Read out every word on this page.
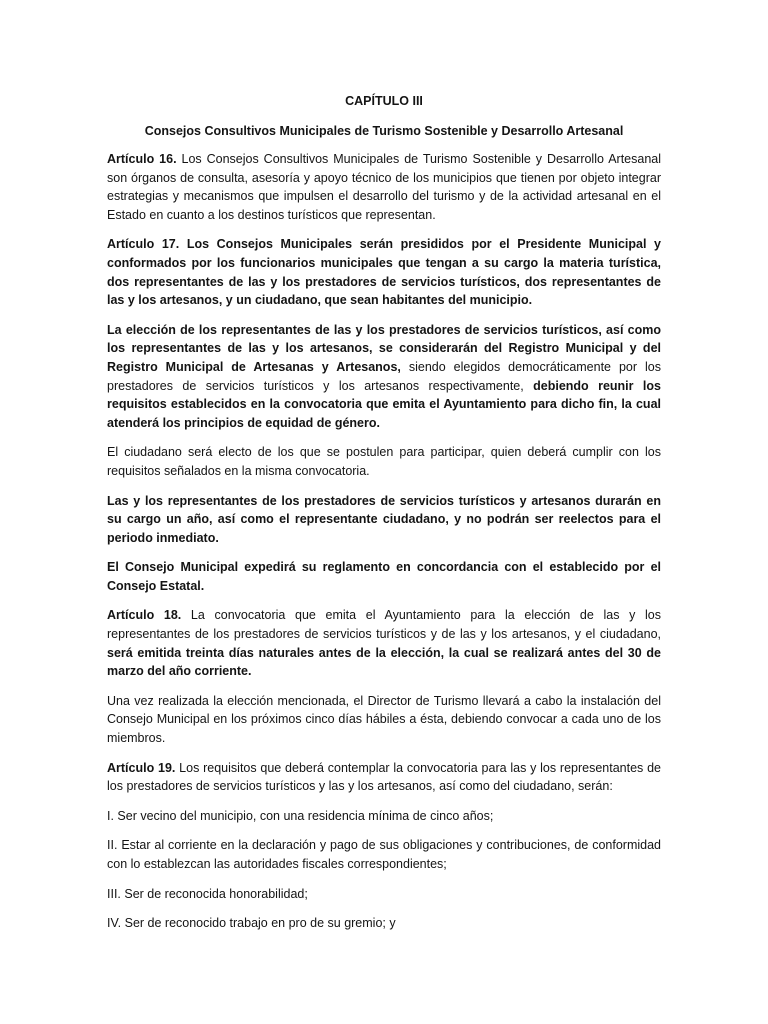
CAPÍTULO III
Consejos Consultivos Municipales de Turismo Sostenible y Desarrollo Artesanal

Artículo 16. Los Consejos Consultivos Municipales de Turismo Sostenible y Desarrollo Artesanal son órganos de consulta, asesoría y apoyo técnico de los municipios que tienen por objeto integrar estrategias y mecanismos que impulsen el desarrollo del turismo y de la actividad artesanal en el Estado en cuanto a los destinos turísticos que representan.

Artículo 17. Los Consejos Municipales serán presididos por el Presidente Municipal y conformados por los funcionarios municipales que tengan a su cargo la materia turística, dos representantes de las y los prestadores de servicios turísticos, dos representantes de las y los artesanos, y un ciudadano, que sean habitantes del municipio.

La elección de los representantes de las y los prestadores de servicios turísticos, así como los representantes de las y los artesanos, se considerarán del Registro Municipal y del Registro Municipal de Artesanas y Artesanos, siendo elegidos democráticamente por los prestadores de servicios turísticos y los artesanos respectivamente, debiendo reunir los requisitos establecidos en la convocatoria que emita el Ayuntamiento para dicho fin, la cual atenderá los principios de equidad de género.

El ciudadano será electo de los que se postulen para participar, quien deberá cumplir con los requisitos señalados en la misma convocatoria.

Las y los representantes de los prestadores de servicios turísticos y artesanos durarán en su cargo un año, así como el representante ciudadano, y no podrán ser reelectos para el periodo inmediato.

El Consejo Municipal expedirá su reglamento en concordancia con el establecido por el Consejo Estatal.

Artículo 18. La convocatoria que emita el Ayuntamiento para la elección de las y los representantes de los prestadores de servicios turísticos y de las y los artesanos, y el ciudadano, será emitida treinta días naturales antes de la elección, la cual se realizará antes del 30 de marzo del año corriente.

Una vez realizada la elección mencionada, el Director de Turismo llevará a cabo la instalación del Consejo Municipal en los próximos cinco días hábiles a ésta, debiendo convocar a cada uno de los miembros.

Artículo 19. Los requisitos que deberá contemplar la convocatoria para las y los representantes de los prestadores de servicios turísticos y las y los artesanos, así como del ciudadano, serán:

I. Ser vecino del municipio, con una residencia mínima de cinco años;

II. Estar al corriente en la declaración y pago de sus obligaciones y contribuciones, de conformidad con lo establezcan las autoridades fiscales correspondientes;

III. Ser de reconocida honorabilidad;

IV. Ser de reconocido trabajo en pro de su gremio; y
